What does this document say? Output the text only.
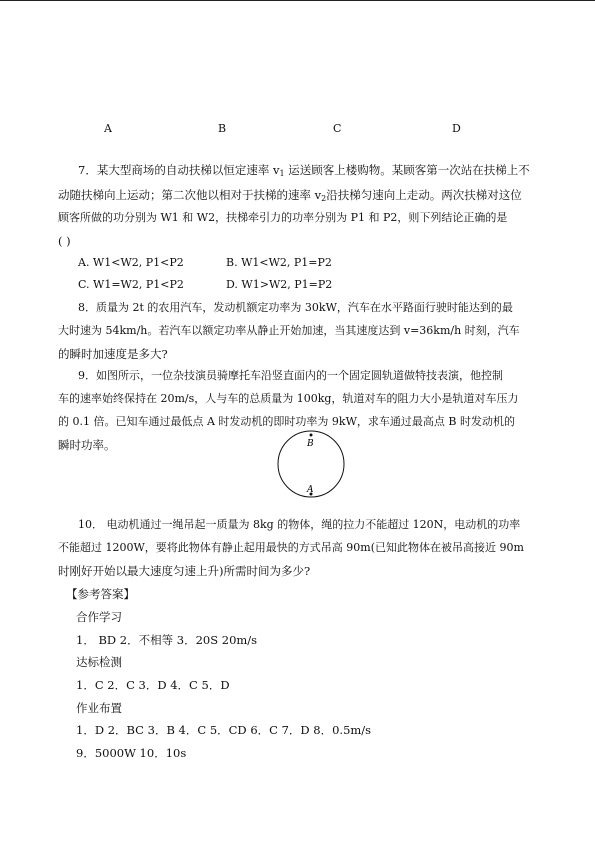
A	B	C	D
7．某大型商场的自动扶梯以恒定速率 $v_1$ 运送顾客上楼购物。某顾客第一次站在扶梯上不
动随扶梯向上运动；第二次他以相对于扶梯的速率 $v_2$沿扶梯匀速向上走动。两次扶梯对这位
顾客所做的功分别为 W1 和 W2，扶梯牵引力的功率分别为 P1 和 P2，则下列结论正确的是
( )
A. W1<W2, P1<P2	B. W1<W2, P1=P2
C. W1=W2, P1<P2	D. W1>W2, P1=P2
8．质量为 2t 的农用汽车，发动机额定功率为 30kW，汽车在水平路面行驶时能达到的最
大时速为 54km/h。若汽车以额定功率从静止开始加速，当其速度达到 v=36km/h 时刻，汽车
的瞬时加速度是多大?
9．如图所示，一位杂技演员骑摩托车沿竖直面内的一个固定圆轨道做特技表演，他控制
车的速率始终保持在 20m/s，人与车的总质量为 100kg，轨道对车的阻力大小是轨道对车压力
的 0.1 倍。已知车通过最低点 A 时发动机的即时功率为 9kW，求车通过最高点 B 时发动机的
瞬时功率。	B
A
10． 电动机通过一绳吊起一质量为 8kg 的物体，绳的拉力不能超过 120N，电动机的功率
不能超过 1200W，要将此物体有静止起用最快的方式吊高 90m(已知此物体在被吊高接近 90m
时刚好开始以最大速度匀速上升)所需时间为多少?
【参考答案】
合作学习
1． BD 2．不相等 3．20S 20m/s
达标检测
1．C 2．C 3．D 4．C 5．D
作业布置
1．D 2．BC 3．B 4．C 5．CD 6．C 7．D 8．0.5m/s
9．5000W 10．10s
